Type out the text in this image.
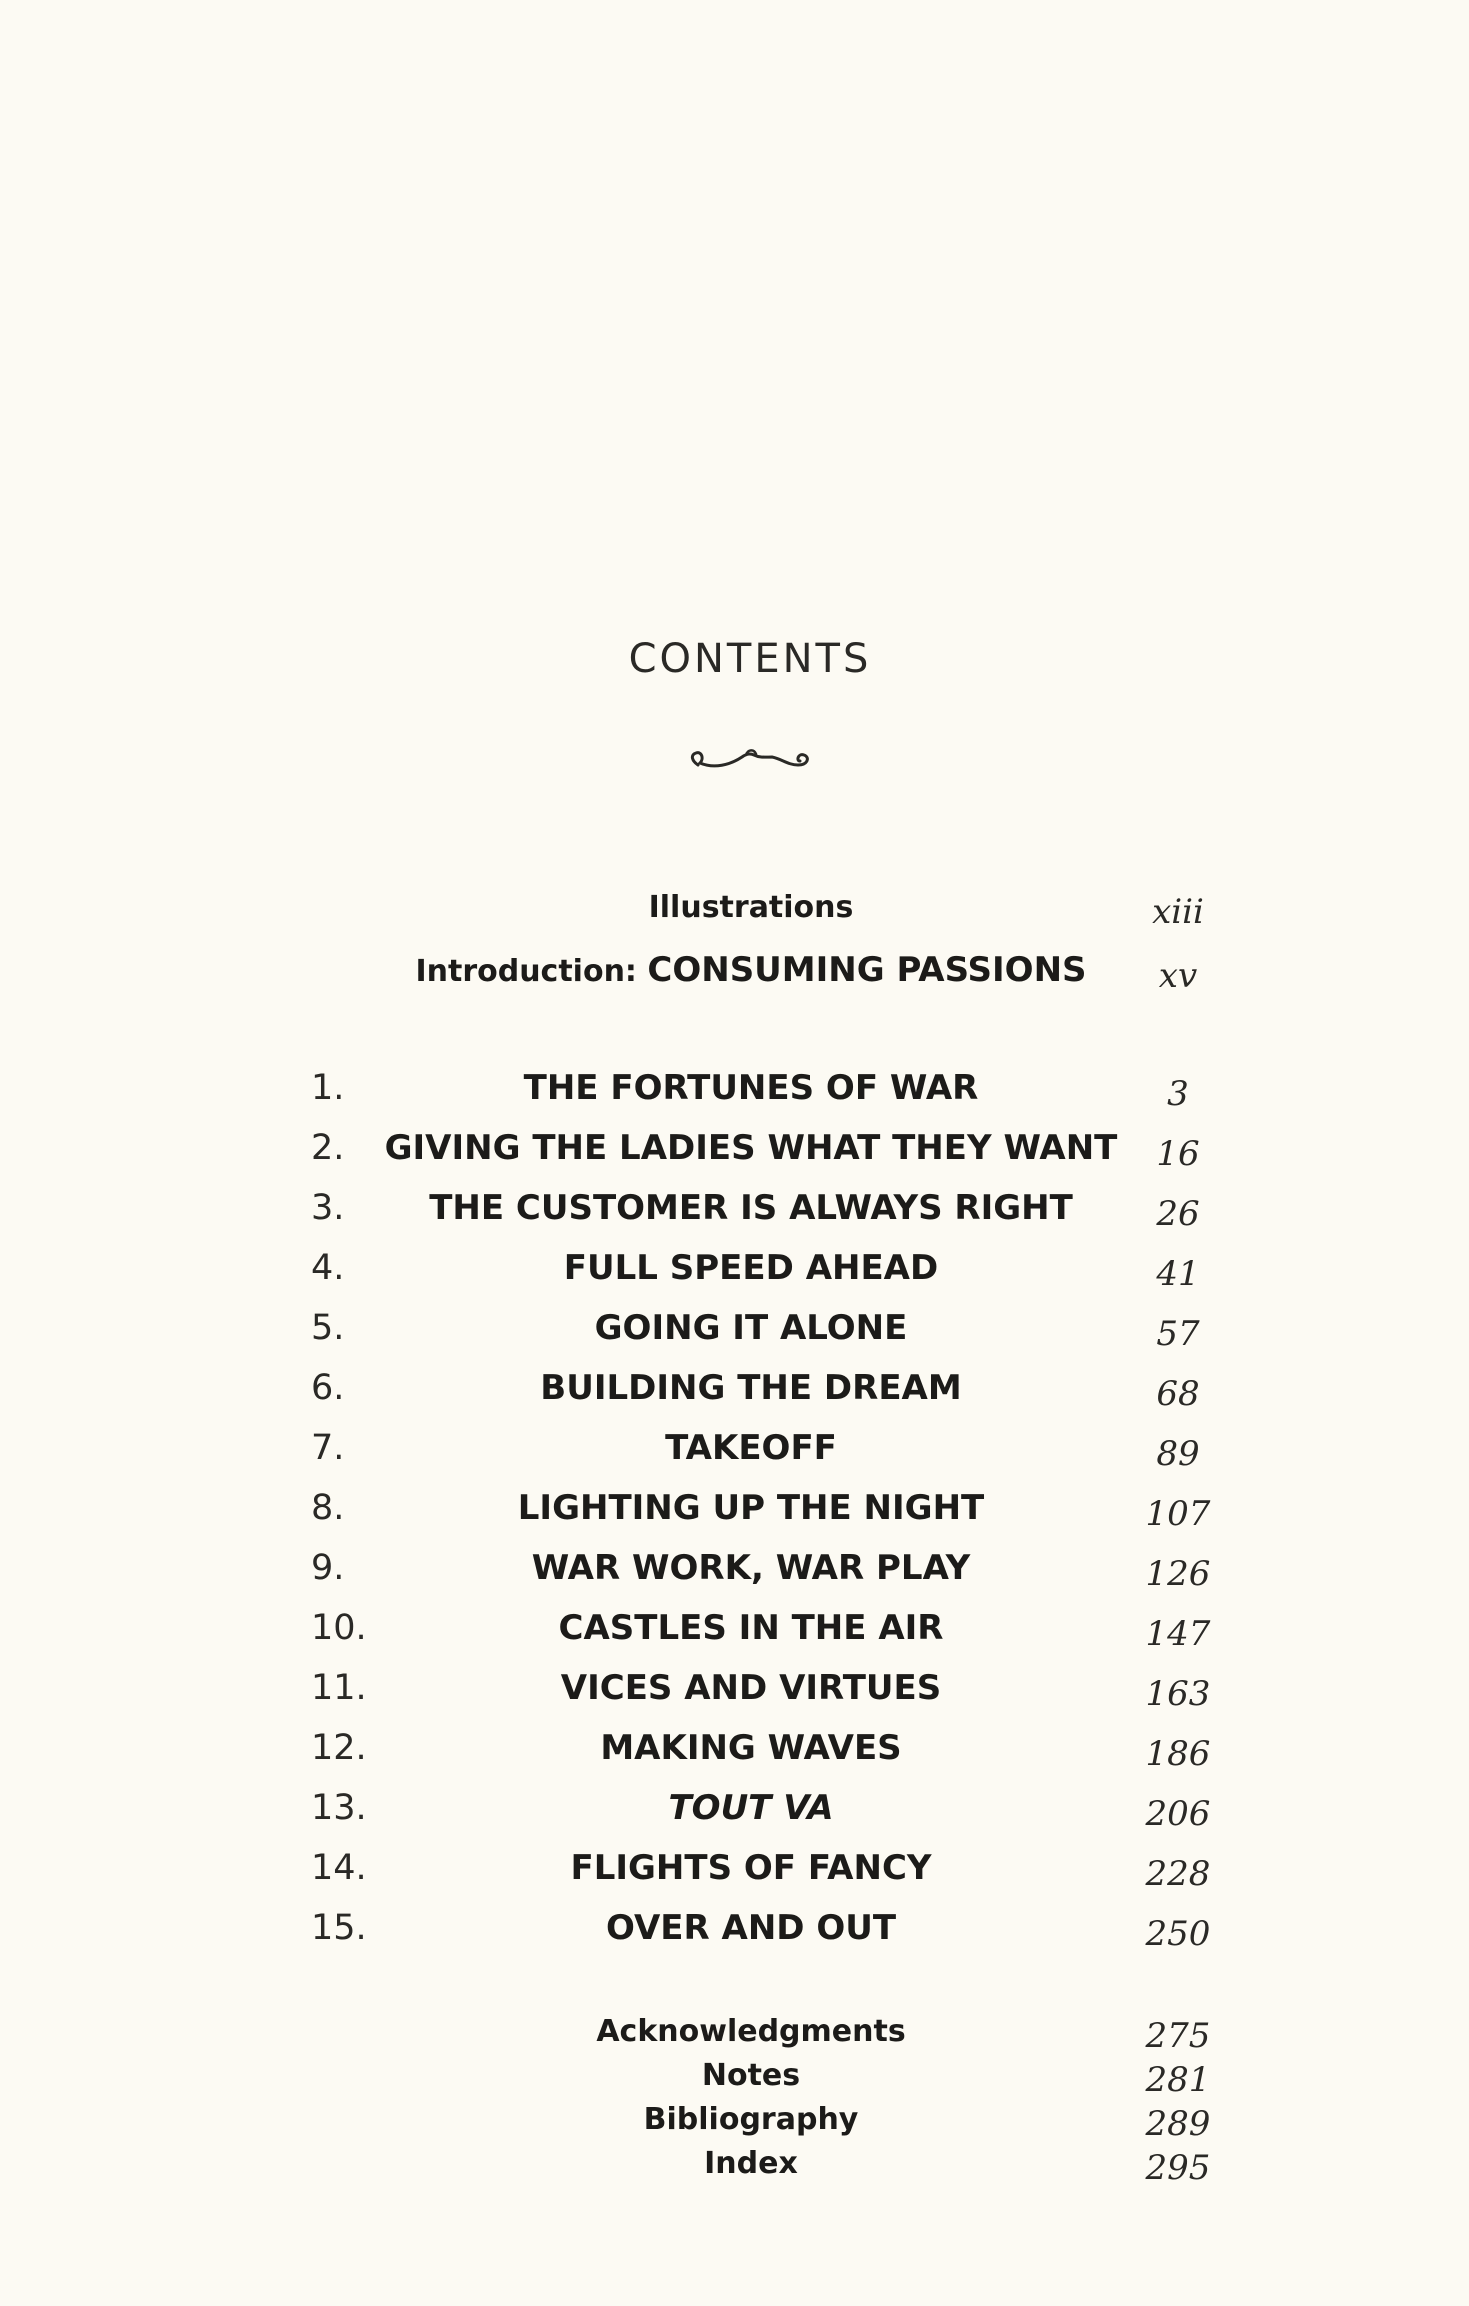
CONTENTS
Illustrations	xiii
Introduction: CONSUMING PASSIONS xv
1.	THE FORTUNES OF WAR	3
2. GIVING THE LADIES WHAT THEY WANT 16
3. THE CUSTOMER IS ALWAYS RIGHT 26
4.	FULL SPEED AHEAD	41
5.	GOING IT ALONE	57
6.	BUILDING THE DREAM	68
7.	TAKEOFF	89
8.	LIGHTING UP THE NIGHT	107
9.	WAR WORK, WAR PLAY	126
10.	CASTLES IN THE AIR	147
11.	VICES AND VIRTUES	163
12.	MAKING WAVES	186
13.	TOUT VA	206
14.	FLIGHTS OF FANCY	228
15.	OVER AND OUT	250
Acknowledgments	275
Notes	281
Bibliography	289
Index	295
